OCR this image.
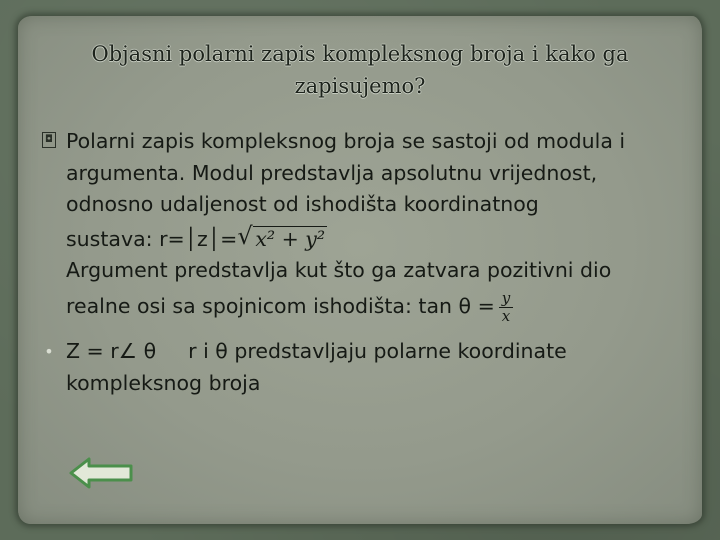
Objasni polarni zapis kompleksnog broja i kako ga
zapisujemo?
◘ Polarni zapis kompleksnog broja se sastoji od modula i
argumenta. Modul predstavlja apsolutnu vrijednost,
odnosno udaljenost od ishodišta koordinatnog
sustava: r=│z│= √ x² + y²
Argument predstavlja kut što ga zatvara pozitivni dio
realne osi sa spojnicom ishodišta: $\tan \theta = \frac{y}{x}$
• Z = r∠ θ r i θ predstavljaju polarne koordinate
kompleksnog broja
